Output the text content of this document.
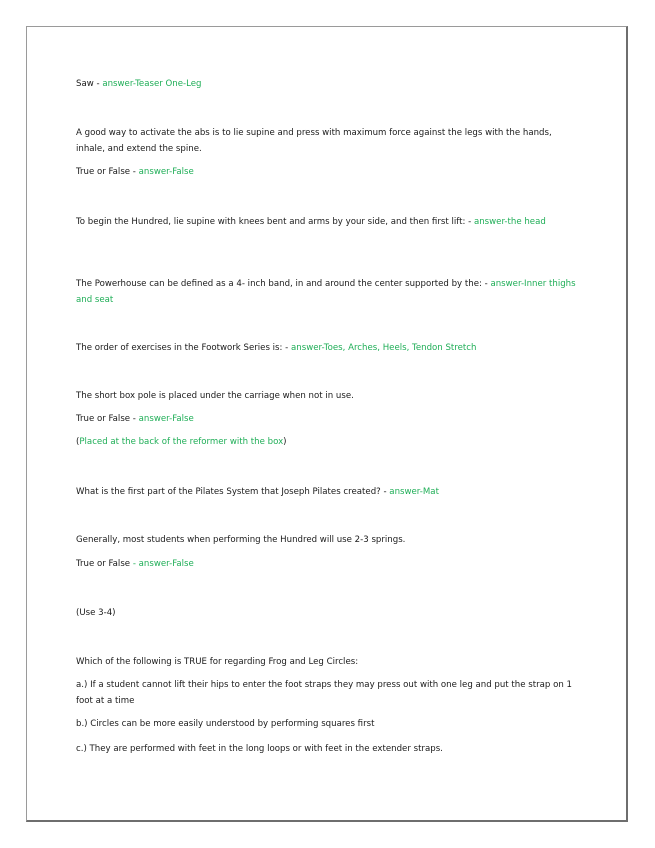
Saw - answer-Teaser One-Leg
A good way to activate the abs is to lie supine and press with maximum force against the legs with the hands, inhale, and extend the spine.
True or False - answer-False
To begin the Hundred, lie supine with knees bent and arms by your side, and then first lift: - answer-the head
The Powerhouse can be defined as a 4- inch band, in and around the center supported by the: - answer-Inner thighs and seat
The order of exercises in the Footwork Series is: - answer-Toes, Arches, Heels, Tendon Stretch
The short box pole is placed under the carriage when not in use.
True or False - answer-False
(Placed at the back of the reformer with the box)
What is the first part of the Pilates System that Joseph Pilates created? - answer-Mat
Generally, most students when performing the Hundred will use 2-3 springs.
True or False - answer-False
(Use 3-4)
Which of the following is TRUE for regarding Frog and Leg Circles:
a.) If a student cannot lift their hips to enter the foot straps they may press out with one leg and put the strap on 1 foot at a time
b.) Circles can be more easily understood by performing squares first
c.) They are performed with feet in the long loops or with feet in the extender straps.
